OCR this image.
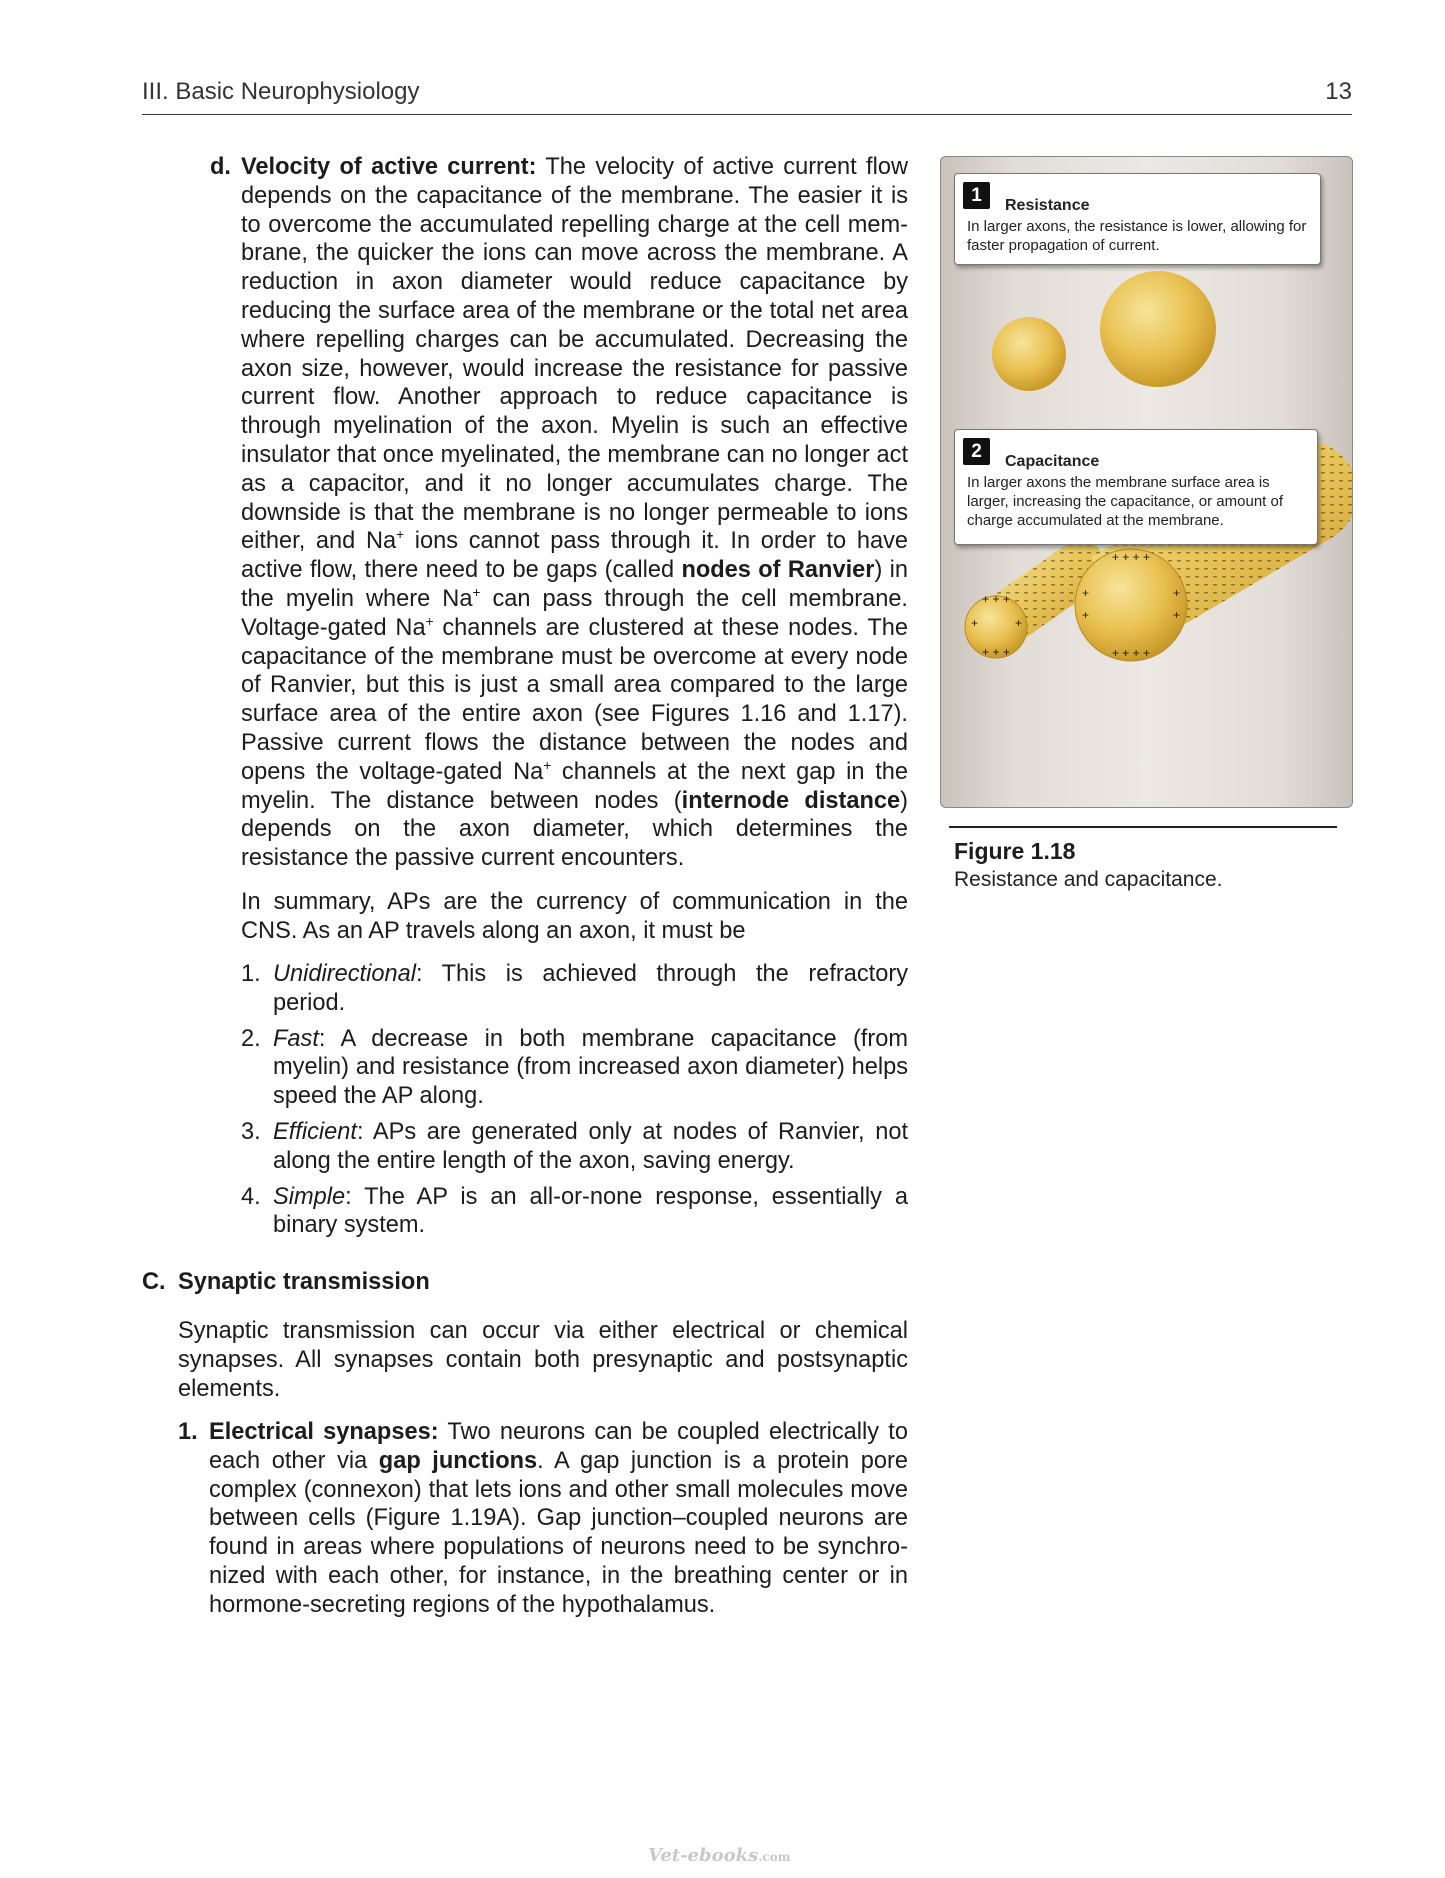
III. Basic Neurophysiology	13
d. Velocity of active current: The velocity of active current flow depends on the capacitance of the membrane. The easier it is to overcome the accumulated repelling charge at the cell membrane, the quicker the ions can move across the membrane. A reduction in axon diameter would reduce capacitance by reducing the surface area of the membrane or the total net area where repelling charges can be accumulated. Decreasing the axon size, however, would increase the resistance for passive current flow. Another approach to reduce capacitance is through myelination of the axon. Myelin is such an effective insulator that once myelinated, the membrane can no longer act as a capacitor, and it no longer accumulates charge. The downside is that the membrane is no longer permeable to ions either, and Na+ ions cannot pass through it. In order to have active flow, there need to be gaps (called nodes of Ranvier) in the myelin where Na+ can pass through the cell membrane. Voltage-gated Na+ channels are clustered at these nodes. The capacitance of the membrane must be overcome at every node of Ranvier, but this is just a small area compared to the large surface area of the entire axon (see Figures 1.16 and 1.17). Passive current flows the distance between the nodes and opens the voltage-gated Na+ channels at the next gap in the myelin. The distance between nodes (internode distance) depends on the axon diameter, which determines the resistance the passive current encounters.

In summary, APs are the currency of communication in the CNS. As an AP travels along an axon, it must be

1. Unidirectional: This is achieved through the refractory period.
2. Fast: A decrease in both membrane capacitance (from myelin) and resistance (from increased axon diameter) helps speed the AP along.
3. Efficient: APs are generated only at nodes of Ranvier, not along the entire length of the axon, saving energy.
4. Simple: The AP is an all-or-none response, essentially a binary system.
C. Synaptic transmission

Synaptic transmission can occur via either electrical or chemical synapses. All synapses contain both presynaptic and postsynaptic elements.

1. Electrical synapses: Two neurons can be coupled electrically to each other via gap junctions. A gap junction is a protein pore complex (connexon) that lets ions and other small molecules move between cells (Figure 1.19A). Gap junction–coupled neurons are found in areas where populations of neurons need to be synchronized with each other, for instance, in the breathing center or in hormone-secreting regions of the hypothalamus.

+ + +
+	+
+ + +
+ + + +
+ + + +
+
+
+
+
1	Resistance
In larger axons, the resistance is lower, allowing for faster propagation of current.
2	Capacitance
In larger axons the membrane surface area is larger, increasing the capacitance, or amount of charge accumulated at the membrane.
Figure 1.18
Resistance and capacitance.
Vet-ebooks.com
